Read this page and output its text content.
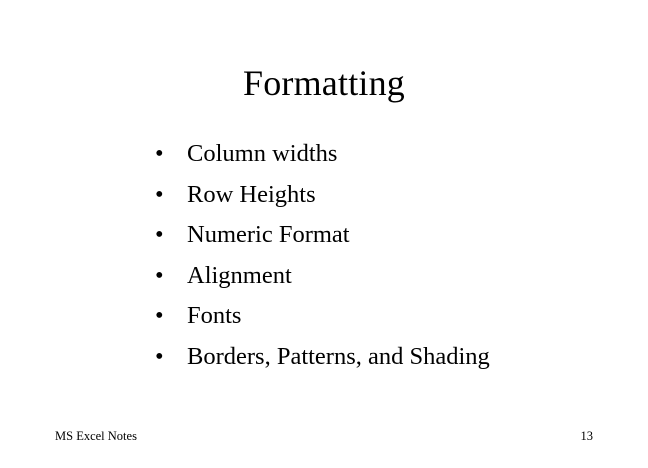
Formatting
• Column widths
• Row Heights
• Numeric Format
• Alignment
• Fonts
• Borders, Patterns, and Shading
MS Excel Notes	13
